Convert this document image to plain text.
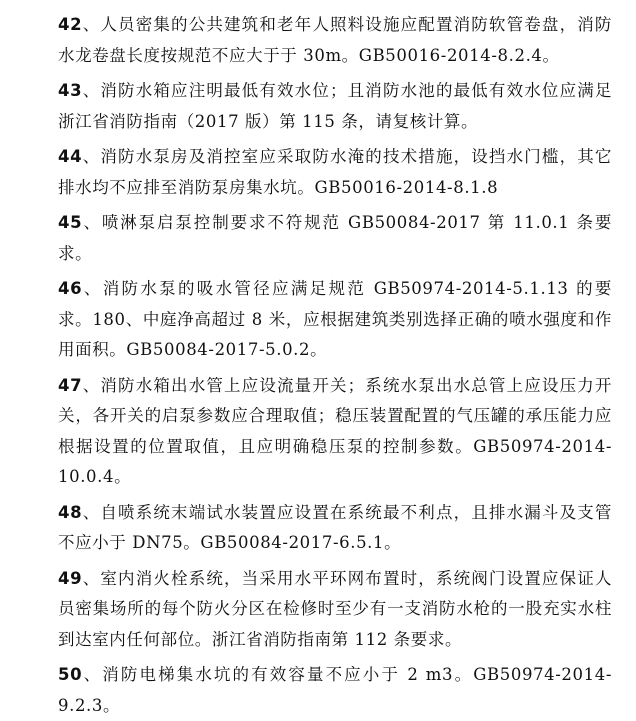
42、人员密集的公共建筑和老年人照料设施应配置消防软管卷盘，消防水龙卷盘长度按规范不应大于于 30m。GB50016-2014-8.2.4。

43、消防水箱应注明最低有效水位；且消防水池的最低有效水位应满足浙江省消防指南（2017 版）第 115 条，请复核计算。

44、消防水泵房及消控室应采取防水淹的技术措施，设挡水门槛，其它排水均不应排至消防泵房集水坑。GB50016-2014-8.1.8

45、喷淋泵启泵控制要求不符规范 GB50084-2017 第 11.0.1 条要求。

46、消防水泵的吸水管径应满足规范 GB50974-2014-5.1.13 的要求。180、中庭净高超过 8 米，应根据建筑类别选择正确的喷水强度和作用面积。GB50084-2017-5.0.2。

47、消防水箱出水管上应设流量开关；系统水泵出水总管上应设压力开关，各开关的启泵参数应合理取值；稳压装置配置的气压罐的承压能力应根据设置的位置取值，且应明确稳压泵的控制参数。GB50974-2014-10.0.4。

48、自喷系统末端试水装置应设置在系统最不利点，且排水漏斗及支管不应小于 DN75。GB50084-2017-6.5.1。

49、室内消火栓系统，当采用水平环网布置时，系统阀门设置应保证人员密集场所的每个防火分区在检修时至少有一支消防水枪的一股充实水柱到达室内任何部位。浙江省消防指南第 112 条要求。

50、消防电梯集水坑的有效容量不应小于 2 m3。GB50974-2014-9.2.3。
